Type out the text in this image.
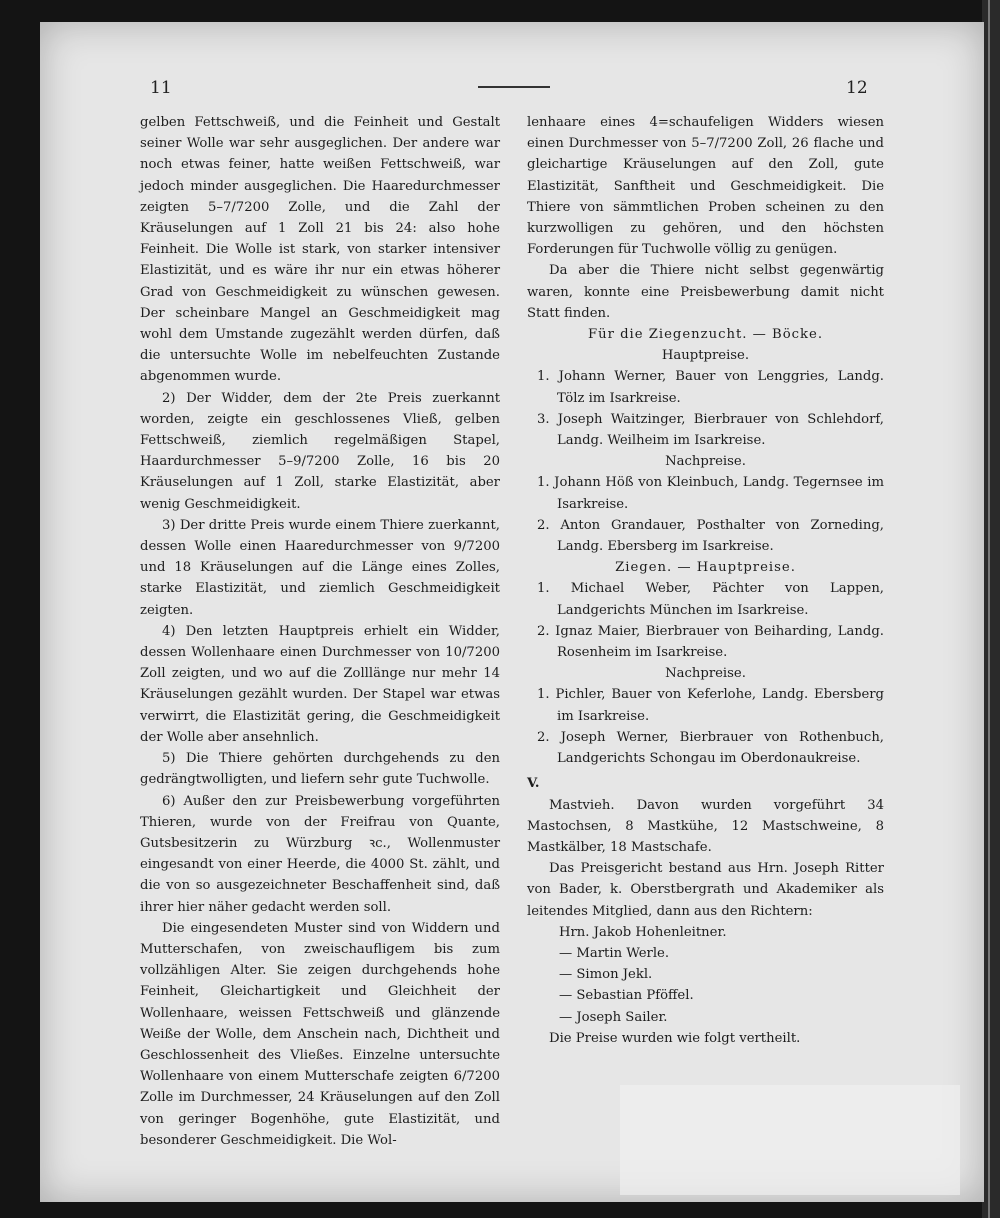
11	12

gelben Fettschweiß, und die Feinheit und Gestalt seiner Wolle war sehr ausgeglichen. Der andere war noch etwas feiner, hatte weißen Fettschweiß, war jedoch minder ausgeglichen. Die Haaredurchmesser zeigten 5–7/7200 Zolle, und die Zahl der Kräuselungen auf 1 Zoll 21 bis 24: also hohe Feinheit. Die Wolle ist stark, von starker intensiver Elastizität, und es wäre ihr nur ein etwas höherer Grad von Geschmeidigkeit zu wünschen gewesen. Der scheinbare Mangel an Geschmeidigkeit mag wohl dem Umstande zugezählt werden dürfen, daß die untersuchte Wolle im nebelfeuchten Zustande abgenommen wurde.

2) Der Widder, dem der 2te Preis zuerkannt worden, zeigte ein geschlossenes Vließ, gelben Fettschweiß, ziemlich regelmäßigen Stapel, Haardurchmesser 5–9/7200 Zolle, 16 bis 20 Kräuselungen auf 1 Zoll, starke Elastizität, aber wenig Geschmeidigkeit.

3) Der dritte Preis wurde einem Thiere zuerkannt, dessen Wolle einen Haaredurchmesser von 9/7200 und 18 Kräuselungen auf die Länge eines Zolles, starke Elastizität, und ziemlich Geschmeidigkeit zeigten.

4) Den letzten Hauptpreis erhielt ein Widder, dessen Wollenhaare einen Durchmesser von 10/7200 Zoll zeigten, und wo auf die Zolllänge nur mehr 14 Kräuselungen gezählt wurden. Der Stapel war etwas verwirrt, die Elastizität gering, die Geschmeidigkeit der Wolle aber ansehnlich.

5) Die Thiere gehörten durchgehends zu den gedrängtwolligten, und liefern sehr gute Tuchwolle.

6) Außer den zur Preisbewerbung vorgeführten Thieren, wurde von der Freifrau von Quante, Gutsbesitzerin zu Würzburg ꝛc., Wollenmuster eingesandt von einer Heerde, die 4000 St. zählt, und die von so ausgezeichneter Beschaffenheit sind, daß ihrer hier näher gedacht werden soll.

Die eingesendeten Muster sind von Widdern und Mutterschafen, von zweischaufligem bis zum vollzähligen Alter. Sie zeigen durchgehends hohe Feinheit, Gleichartigkeit und Gleichheit der Wollenhaare, weissen Fettschweiß und glänzende Weiße der Wolle, dem Anschein nach, Dichtheit und Geschlossenheit des Vließes. Einzelne untersuchte Wollenhaare von einem Mutterschafe zeigten 6/7200 Zolle im Durchmesser, 24 Kräuselungen auf den Zoll von geringer Bogenhöhe, gute Elastizität, und besonderer Geschmeidigkeit. Die Wol-

lenhaare eines 4=schaufeligen Widders wiesen einen Durchmesser von 5–7/7200 Zoll, 26 flache und gleichartige Kräuselungen auf den Zoll, gute Elastizität, Sanftheit und Geschmeidigkeit. Die Thiere von sämmtlichen Proben scheinen zu den kurzwolligen zu gehören, und den höchsten Forderungen für Tuchwolle völlig zu genügen.

Da aber die Thiere nicht selbst gegenwärtig waren, konnte eine Preisbewerbung damit nicht Statt finden.

Für die Ziegenzucht. — Böcke.

Hauptpreise.

1. Johann Werner, Bauer von Lenggries, Landg. Tölz im Isarkreise.

3. Joseph Waitzinger, Bierbrauer von Schlehdorf, Landg. Weilheim im Isarkreise.

Nachpreise.

1. Johann Höß von Kleinbuch, Landg. Tegernsee im Isarkreise.

2. Anton Grandauer, Posthalter von Zorneding, Landg. Ebersberg im Isarkreise.

Ziegen. — Hauptpreise.

1. Michael Weber, Pächter von Lappen, Landgerichts München im Isarkreise.

2. Ignaz Maier, Bierbrauer von Beiharding, Landg. Rosenheim im Isarkreise.

Nachpreise.

1. Pichler, Bauer von Keferlohe, Landg. Ebersberg im Isarkreise.

2. Joseph Werner, Bierbrauer von Rothenbuch, Landgerichts Schongau im Oberdonaukreise.

V.

Mastvieh. Davon wurden vorgeführt 34 Mastochsen, 8 Mastkühe, 12 Mastschweine, 8 Mastkälber, 18 Mastschafe.

Das Preisgericht bestand aus Hrn. Joseph Ritter von Bader, k. Oberstbergrath und Akademiker als leitendes Mitglied, dann aus den Richtern:

Hrn. Jakob Hohenleitner.

— Martin Werle.

— Simon Jekl.

— Sebastian Pföffel.

— Joseph Sailer.

Die Preise wurden wie folgt vertheilt.
